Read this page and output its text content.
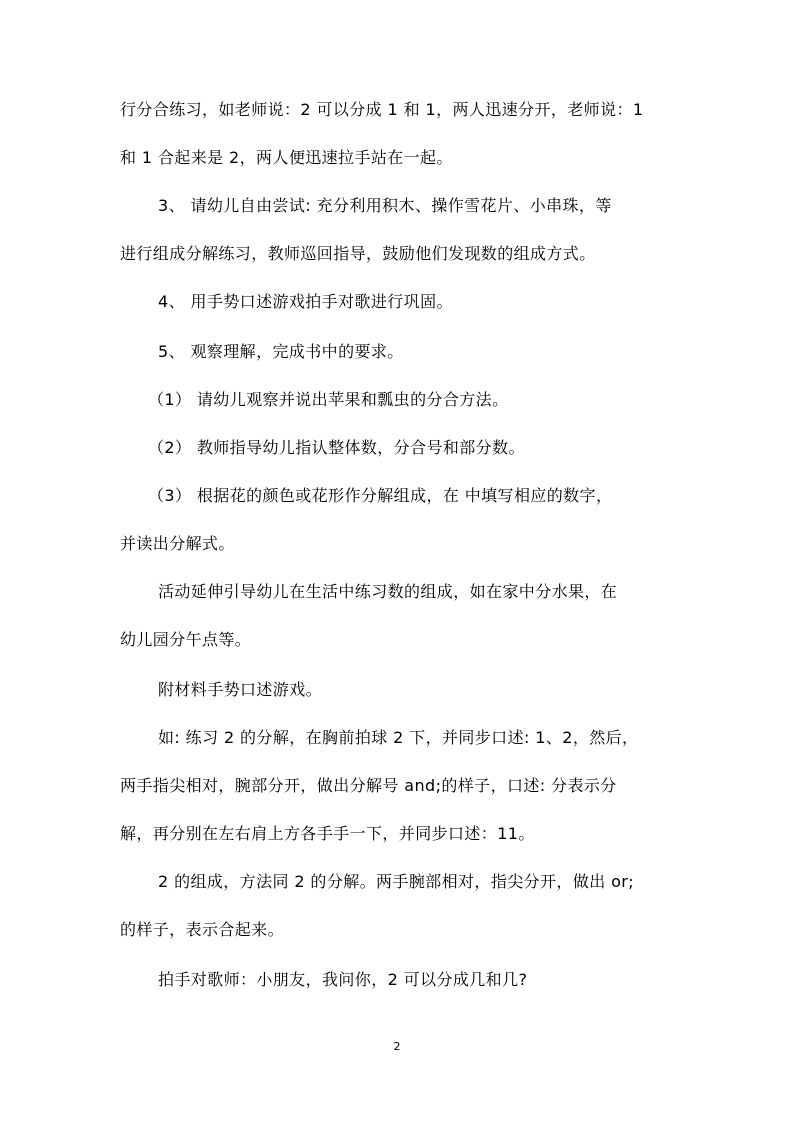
行分合练习，如老师说：2 可以分成 1 和 1，两人迅速分开，老师说：1
和 1 合起来是 2，两人便迅速拉手站在一起。
3、 请幼儿自由尝试: 充分利用积木、操作雪花片、小串珠，等
进行组成分解练习，教师巡回指导，鼓励他们发现数的组成方式。
4、 用手势口述游戏拍手对歌进行巩固。
5、 观察理解，完成书中的要求。
（1） 请幼儿观察并说出苹果和瓢虫的分合方法。
（2） 教师指导幼儿指认整体数，分合号和部分数。
（3） 根据花的颜色或花形作分解组成，在 中填写相应的数字，
并读出分解式。
活动延伸引导幼儿在生活中练习数的组成，如在家中分水果，在
幼儿园分午点等。
附材料手势口述游戏。
如: 练习 2 的分解，在胸前拍球 2 下，并同步口述: 1、2，然后，
两手指尖相对，腕部分开，做出分解号 and;的样子，口述: 分表示分
解，再分别在左右肩上方各手手一下，并同步口述：11。
2 的组成，方法同 2 的分解。两手腕部相对，指尖分开，做出 or;
的样子，表示合起来。
拍手对歌师：小朋友，我问你，2 可以分成几和几?
2
